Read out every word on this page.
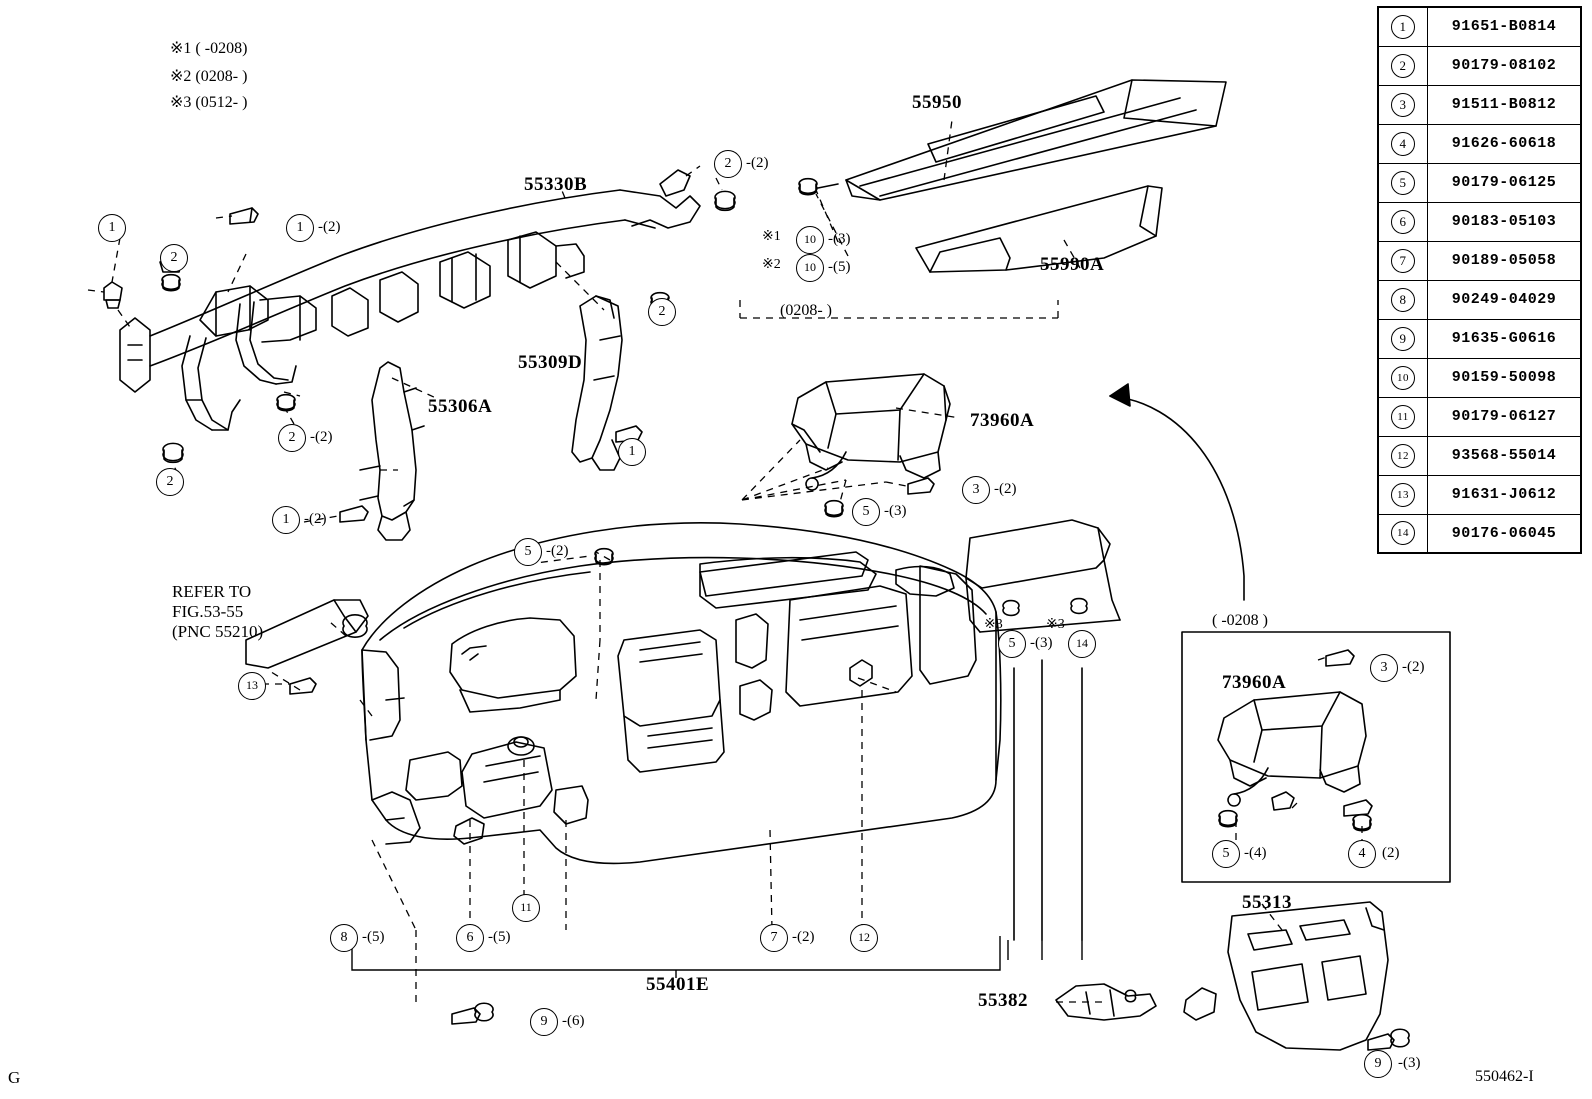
※1 ( -0208)
※2 (0208- )
※3 (0512- )
55330B
55309D
55306A
55950
55990A
73960A
73960A
55401E
55313
55382
REFER TO
FIG.53-55
(PNC 55210)
(0208- )
( -0208 )
※1
※2
※3	※3
1	1 -(2)
2
2
2 -(2)
2
2 -(2)
1
1 -(2)
10 -(3)
10 -(5)
3 -(2)
5 -(3)
5 -(2)
13
8 -(5)	6 -(5)
11
7 -(2)	12
9 -(6)
5 -(3)	14
3 -(2)
5 -(4)	4	(2)
9	-(3)
1	91651-B0814
2	90179-08102
3	91511-B0812
4	91626-60618
5	90179-06125
6	90183-05103
7	90189-05058
8	90249-04029
9	91635-G0616
10	90159-50098
11	90179-06127
12	93568-55014
13	91631-J0612
14	90176-06045
G	550462-I
